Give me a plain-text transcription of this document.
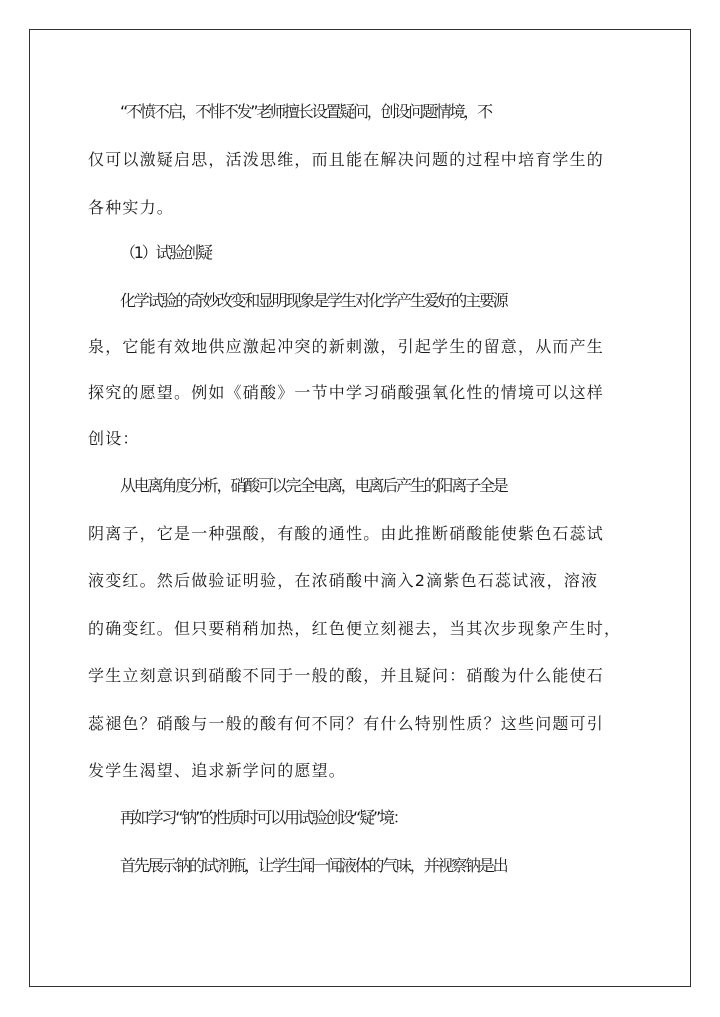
“不愤不启，不悱不发”老师擅长设置疑问，创设问题情境，不
仅可以激疑启思，活泼思维，而且能在解决问题的过程中培育学生的
各种实力。
（1）试验创疑
化学试验的奇妙改变和显明现象是学生对化学产生爱好的主要源
泉，它能有效地供应激起冲突的新刺激，引起学生的留意，从而产生
探究的愿望。例如《硝酸》一节中学习硝酸强氧化性的情境可以这样
创设：
从电离角度分析，硝酸可以完全电离，电离后产生的阳离子全是
阴离子，它是一种强酸，有酸的通性。由此推断硝酸能使紫色石蕊试
液变红。然后做验证明验，在浓硝酸中滴入2滴紫色石蕊试液，溶液
的确变红。但只要稍稍加热，红色便立刻褪去，当其次步现象产生时，
学生立刻意识到硝酸不同于一般的酸，并且疑问：硝酸为什么能使石
蕊褪色？硝酸与一般的酸有何不同？有什么特别性质？这些问题可引
发学生渴望、追求新学问的愿望。
再如学习“钠”的性质时可以用试验创设“疑”境：
首先展示钠的试剂瓶，让学生闻一闻液体的气味，并视察钠是出
